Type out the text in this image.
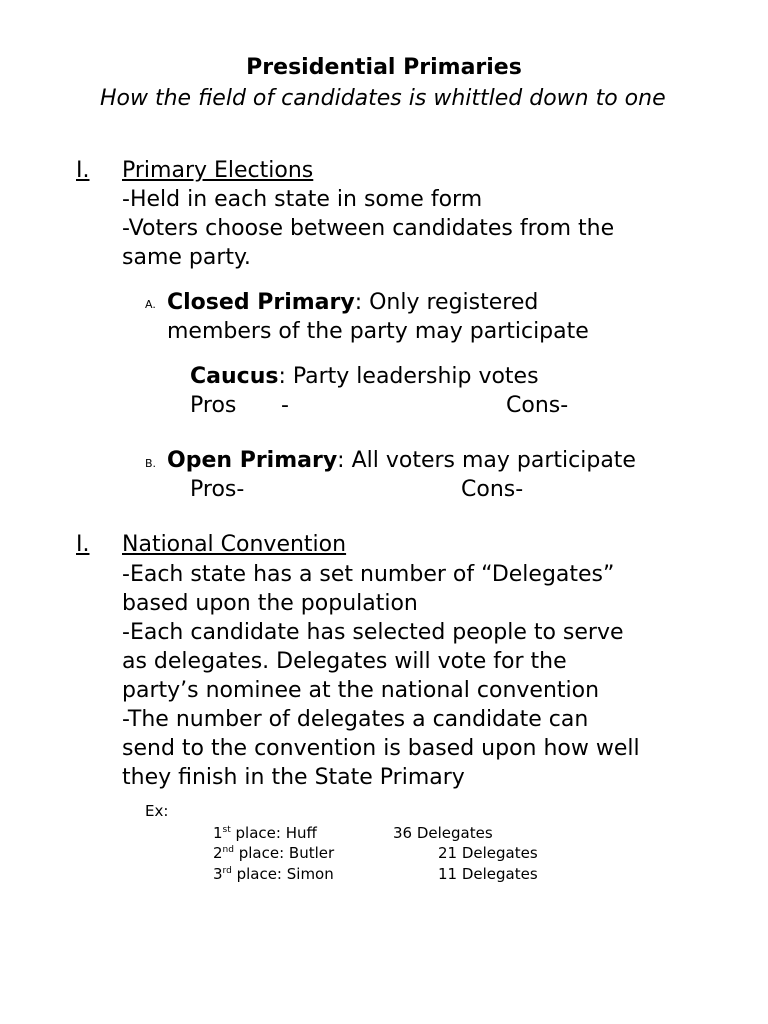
Presidential Primaries
How the field of candidates is whittled down to one
I. Primary Elections
-Held in each state in some form
-Voters choose between candidates from the
same party.
A. Closed Primary: Only registered
members of the party may participate
Caucus: Party leadership votes
Pros -	Cons-
B. Open Primary: All voters may participate
Pros-	Cons-
I. National Convention
-Each state has a set number of “Delegates”
based upon the population
-Each candidate has selected people to serve
as delegates. Delegates will vote for the
party’s nominee at the national convention
-The number of delegates a candidate can
send to the convention is based upon how well
they finish in the State Primary
Ex:
1st place: Huff	36 Delegates
2nd place: Butler	21 Delegates
3rd place: Simon	11 Delegates
